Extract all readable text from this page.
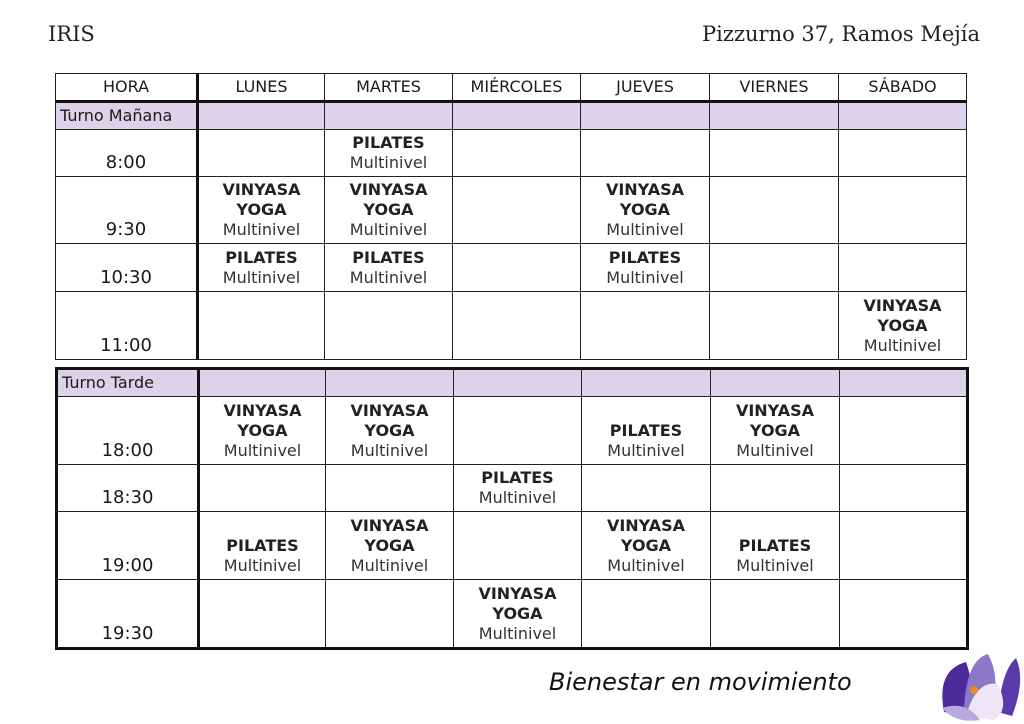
IRIS	Pizzurno 37, Ramos Mejía
HORA	LUNES	MARTES	MIÉRCOLES	JUEVES	VIERNES	SÁBADO
Turno Mañana						
8:00		PILATES
Multinivel				

9:30	VINYASA YOGA
Multinivel	VINYASA YOGA
Multinivel		VINYASA YOGA
Multinivel		

10:30	PILATES
Multinivel	PILATES
Multinivel		PILATES
Multinivel		

11:00						VINYASA YOGA
Multinivel
Turno Tarde						
18:00	VINYASA YOGA
Multinivel	VINYASA YOGA
Multinivel		PILATES
Multinivel	VINYASA YOGA
Multinivel	

18:30			PILATES
Multinivel			

19:00	PILATES
Multinivel	VINYASA YOGA
Multinivel		VINYASA YOGA
Multinivel	PILATES
Multinivel	

19:30			VINYASA YOGA
Multinivel			

Bienestar en movimiento
